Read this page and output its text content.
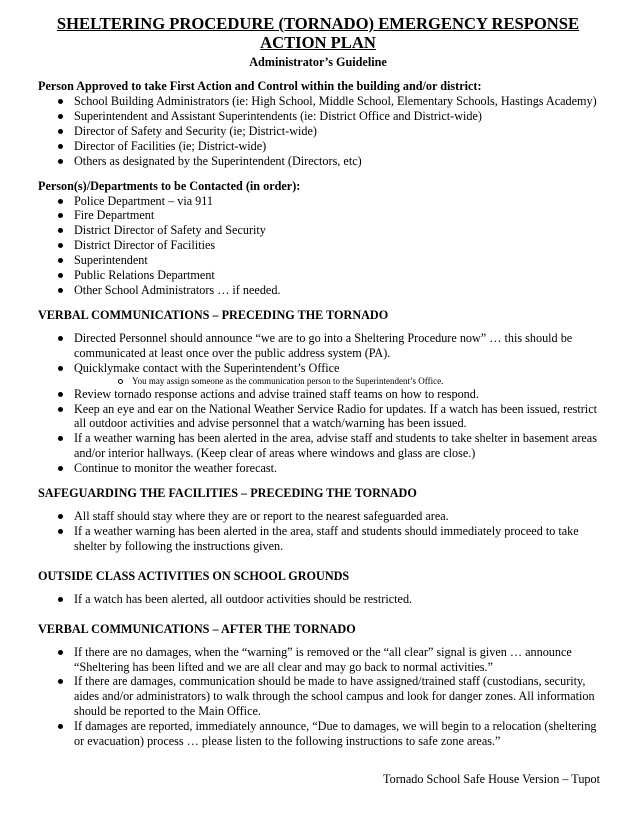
SHELTERING PROCEDURE (TORNADO) EMERGENCY RESPONSE ACTION PLAN
Administrator’s Guideline
Person Approved to take First Action and Control within the building and/or district:
School Building Administrators (ie: High School, Middle School, Elementary Schools, Hastings Academy)
Superintendent and Assistant Superintendents (ie: District Office and District-wide)
Director of Safety and Security (ie; District-wide)
Director of Facilities (ie; District-wide)
Others as designated by the Superintendent (Directors, etc)
Person(s)/Departments to be Contacted (in order):
Police Department – via 911
Fire Department
District Director of Safety and Security
District Director of Facilities
Superintendent
Public Relations Department
Other School Administrators … if needed.
VERBAL COMMUNICATIONS – PRECEDING THE TORNADO
Directed Personnel should announce “we are to go into a Sheltering Procedure now” … this should be communicated at least once over the public address system (PA).
Quicklymake contact with the Superintendent’s Office
You may assign someone as the communication person to the Superintendent’s Office.
Review tornado response actions and advise trained staff teams on how to respond.
Keep an eye and ear on the National Weather Service Radio for updates. If a watch has been issued, restrict all outdoor activities and advise personnel that a watch/warning has been issued.
If a weather warning has been alerted in the area, advise staff and students to take shelter in basement areas and/or interior hallways. (Keep clear of areas where windows and glass are close.)
Continue to monitor the weather forecast.
SAFEGUARDING THE FACILITIES – PRECEDING THE TORNADO
All staff should stay where they are or report to the nearest safeguarded area.
If a weather warning has been alerted in the area, staff and students should immediately proceed to take shelter by following the instructions given.
OUTSIDE CLASS ACTIVITIES ON SCHOOL GROUNDS
If a watch has been alerted, all outdoor activities should be restricted.
VERBAL COMMUNICATIONS – AFTER THE TORNADO
If there are no damages, when the “warning” is removed or the “all clear” signal is given … announce “Sheltering has been lifted and we are all clear and may go back to normal activities.”
If there are damages, communication should be made to have assigned/trained staff (custodians, security, aides and/or administrators) to walk through the school campus and look for danger zones. All information should be reported to the Main Office.
If damages are reported, immediately announce, “Due to damages, we will begin to a relocation (sheltering or evacuation) process … please listen to the following instructions to safe zone areas.”
Tornado School Safe House Version – Tupot
